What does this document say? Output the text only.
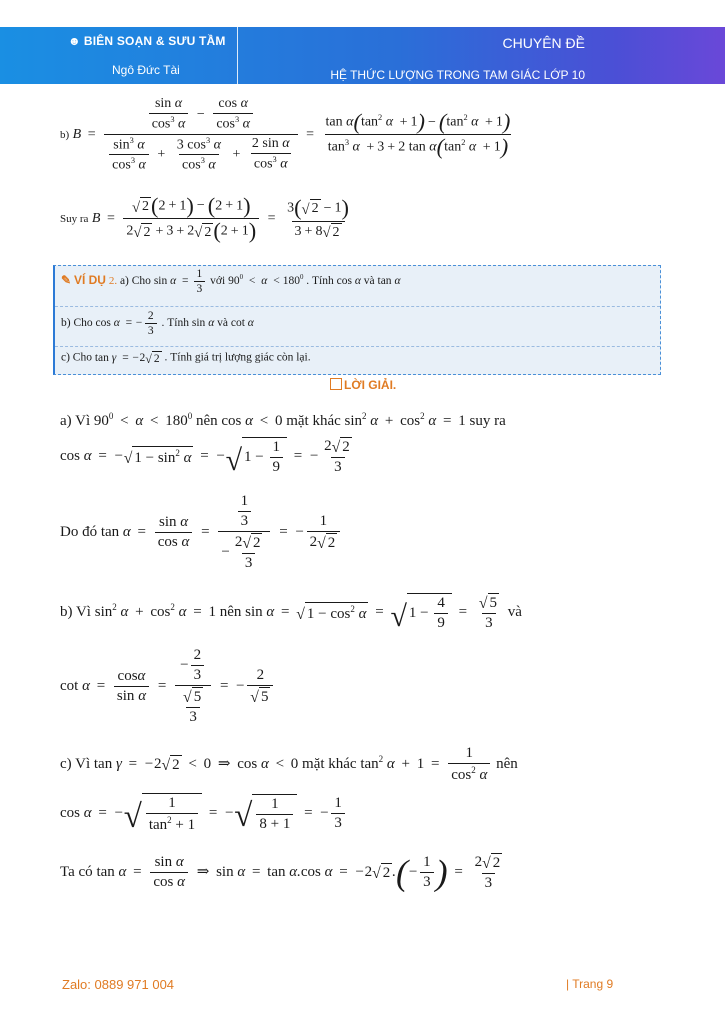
☻ BIÊN SOẠN & SƯU TẦM
Ngô Đức Tài
CHUYÊN ĐỀ
HỆ THỨC LƯỢNG TRONG TAM GIÁC LỚP 10
b) B =
$\frac{\text{sin α}}{\cos^3 \alpha} - \frac{\text{cos α}}{\cos^3 \alpha}$
$\frac{\sin^3 \alpha}{\cos^3 \alpha} + \frac{3 \cos^3 \alpha}{\cos^3 \alpha} + \frac{\text{2 sin α}}{\cos^3 \alpha}$
= $\frac{\tan \alpha(\tan^2 \alpha + 1) - (\tan^2 \alpha + 1)}{\tan^3 \alpha + 3 + 2 \tan \alpha(\tan^2 \alpha + 1)}$
Suy ra $B = \frac{√ 2 (2 + 1) - (2 + 1)}{2 √ 2 + 3 + 2 √ 2 (2 + 1)} = \frac{3( √ 2 - 1)}{3 + 8 √ 2}$
✎ VÍ DỤ 2. a) Cho $\sin \alpha = \frac{1}{3}$ với $90^0 < \alpha < 180^0$ . Tính cos α và tan α
b) Cho cos α = − $\frac{2}{3}$ . Tính sin α và cot α
c) Cho tan γ = −2 √ 2 . Tính giá trị lượng giác còn lại.
LỜI GIẢI.
a) Vì $90^0 < \alpha < 180^0$ nên cos α < 0 mặt khác $\sin^2 \alpha + \cos^2 \alpha = 1$ suy ra
cos α = − √ $1 - \sin^2 \alpha$ = − √ $1 - \frac{1}{9}$ = − $\frac{2 √ 2}{3}$
Do đó $\tan \alpha = \frac{\text{sin α}}{\text{cos α}} = \frac{\frac{1}{3}}{- \frac{2 √ 2}{3}}$ = − $\frac{1}{2 √ 2}$
b) Vì $\sin^2 \alpha + \cos^2 \alpha = 1$ nên sin α = √ $1 - \cos^2 \alpha$ = √ $1 - \frac{4}{9} = \frac{√ 5}{3}$ và
$\cot \alpha = \frac{\cos\alpha}{\text{sin α}} = \frac{- \frac{2}{3}}{\frac{√ 5}{3}}$ = − $\frac{2}{√ 5}$
c) Vì tan γ = −2 √ 2 < 0 ⇒ cos α < 0 mặt khác $\tan^2 \alpha + 1 = \frac{1}{\cos^2 \alpha}$ nên
cos α = − √ $\frac{1}{\tan^2 + 1}$ = − √ $\frac{1}{8 + 1}$ = − $\frac{1}{3}$
Ta có $\tan \alpha = \frac{\text{sin α}}{\text{cos α}}$ ⇒ sin α = tan α.cos α = −2 √ 2 .(− $\frac{1}{3}$ ) = $\frac{2 √ 2}{3}$
Zalo: 0889 971 004	| Trang 9
